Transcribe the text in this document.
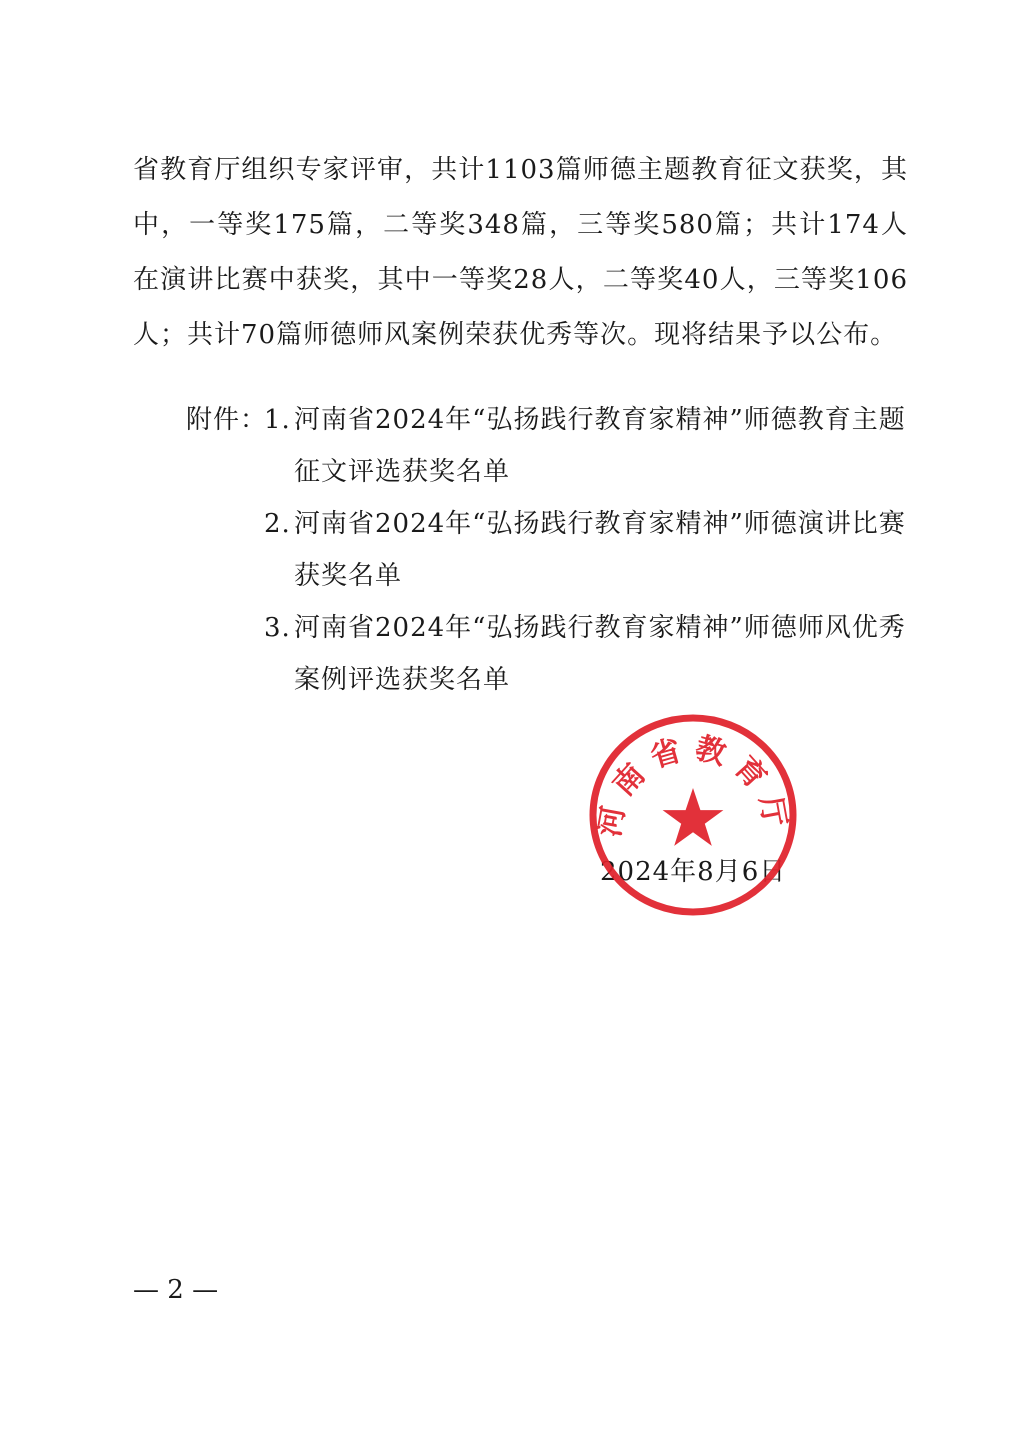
省教育厅组织专家评审，共计1103篇师德主题教育征文获奖，其中，一等奖175篇，二等奖348篇，三等奖580篇；共计174人在演讲比赛中获奖，其中一等奖28人，二等奖40人，三等奖106人；共计70篇师德师风案例荣获优秀等次。现将结果予以公布。

附件：
1. 河南省2024年“弘扬践行教育家精神”师德教育主题征文评选获奖名单
2. 河南省2024年“弘扬践行教育家精神”师德演讲比赛获奖名单
3. 河南省2024年“弘扬践行教育家精神”师德师风优秀案例评选获奖名单
2024年8月6日
河南省教育厅
— 2 —
